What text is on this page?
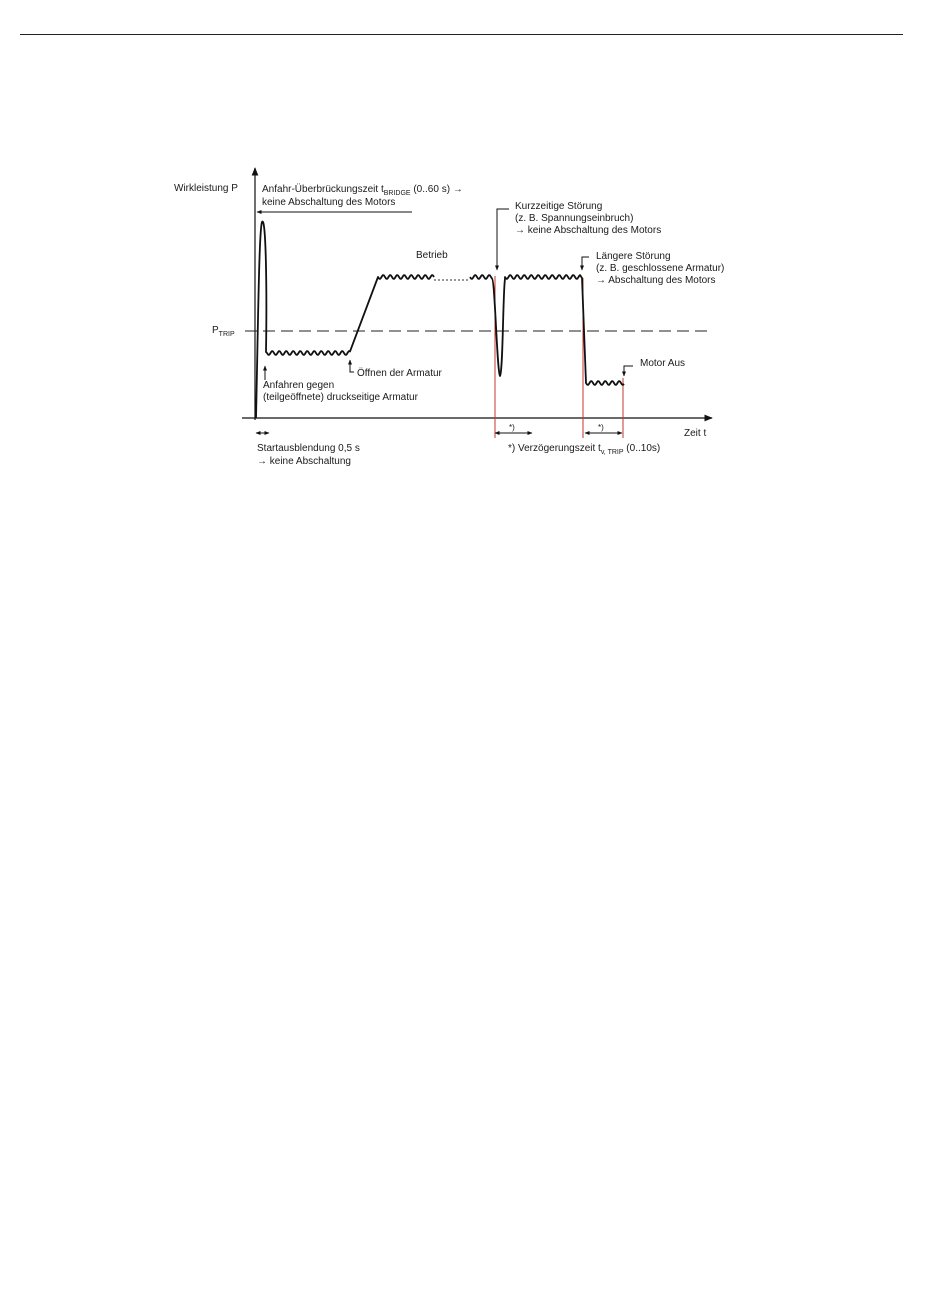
Wirkleistung P
Zeit t
$P_{TRIP}$
Anfahr-Überbrückungszeit $t_{BRIDGE}$ (0..60 s) →
keine Abschaltung des Motors
Betrieb
Kurzzeitige Störung
(z. B. Spannungseinbruch)
→ keine Abschaltung des Motors
Längere Störung
(z. B. geschlossene Armatur)
→ Abschaltung des Motors
Motor Aus
Öffnen der Armatur
Anfahren gegen
(teilgeöffnete) druckseitige Armatur
Startausblendung 0,5 s
→ keine Abschaltung
*)	*)
*) Verzögerungszeit $t_{v, TRIP}$ (0..10s)
